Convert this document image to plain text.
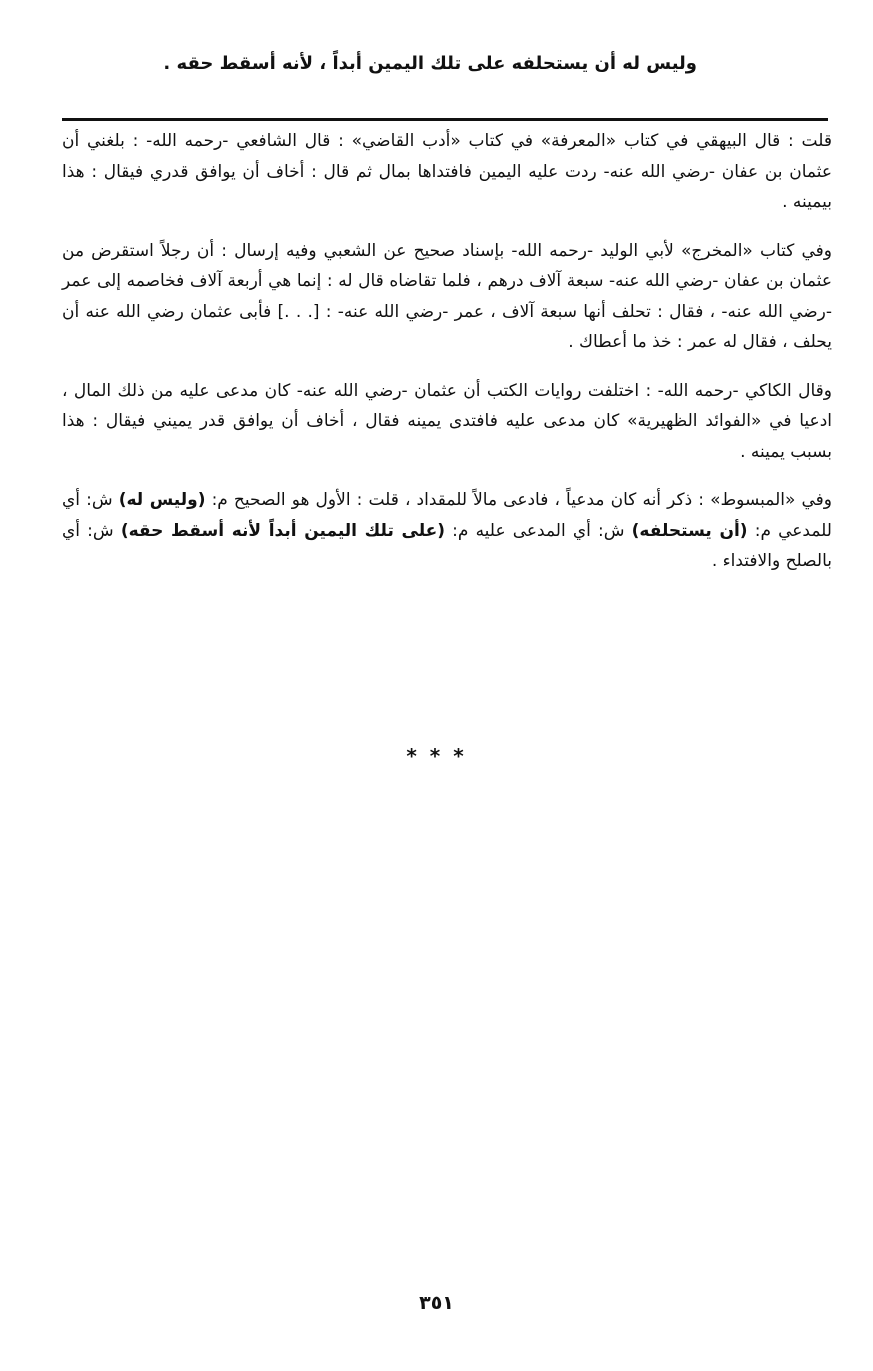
وليس له أن يستحلفه على تلك اليمين أبداً ، لأنه أسقط حقه .

قلت : قال البيهقي في كتاب «المعرفة» في كتاب «أدب القاضي» : قال الشافعي -رحمه الله- : بلغني أن عثمان بن عفان -رضي الله عنه- ردت عليه اليمين فافتداها بمال ثم قال : أخاف أن يوافق قدري فيقال : هذا بيمينه .

وفي كتاب «المخرج» لأبي الوليد -رحمه الله- بإسناد صحيح عن الشعبي وفيه إرسال : أن رجلاً استقرض من عثمان بن عفان -رضي الله عنه- سبعة آلاف درهم ، فلما تقاضاه قال له : إنما هي أربعة آلاف فخاصمه إلى عمر -رضي الله عنه- ، فقال : تحلف أنها سبعة آلاف ، عمر -رضي الله عنه- : [. . .] فأبى عثمان رضي الله عنه أن يحلف ، فقال له عمر : خذ ما أعطاك .

وقال الكاكي -رحمه الله- : اختلفت روايات الكتب أن عثمان -رضي الله عنه- كان مدعى عليه من ذلك المال ، ادعيا في «الفوائد الظهيرية» كان مدعى عليه فافتدى يمينه فقال ، أخاف أن يوافق قدر يميني فيقال : هذا بسبب يمينه .

وفي «المبسوط» : ذكر أنه كان مدعياً ، فادعى مالاً للمقداد ، قلت : الأول هو الصحيح م: (وليس له) ش: أي للمدعي م: (أن يستحلفه) ش: أي المدعى عليه م: (على تلك اليمين أبداً لأنه أسقط حقه) ش: أي بالصلح والافتداء .

* * *
٣٥١
